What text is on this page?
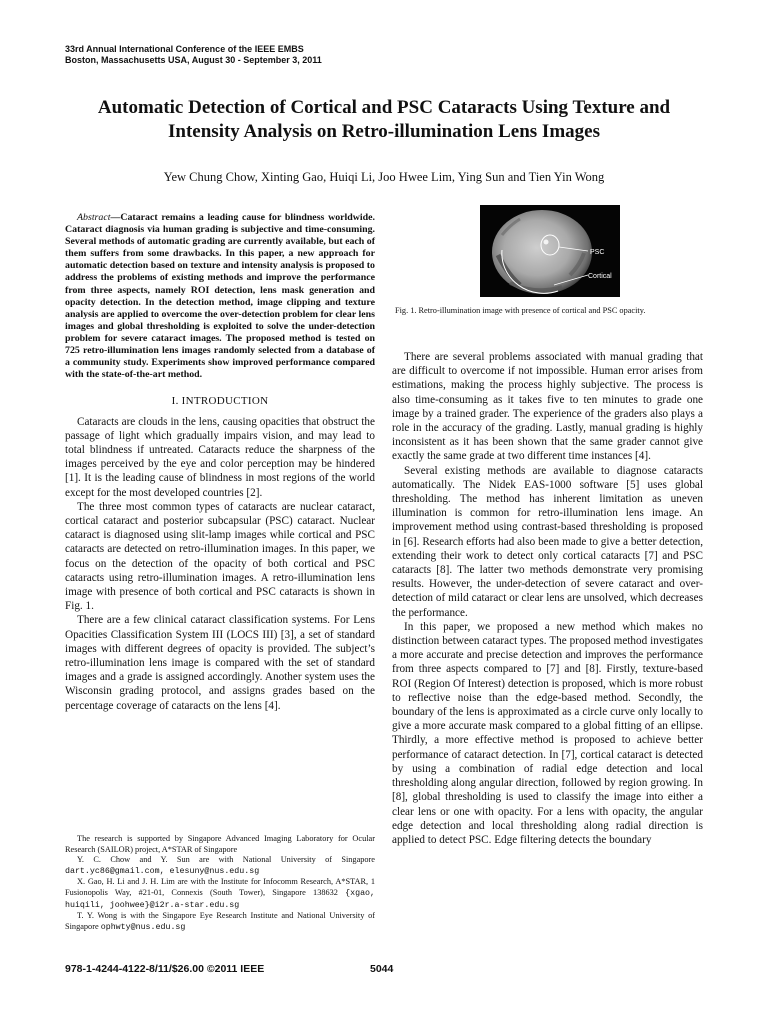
33rd Annual International Conference of the IEEE EMBS
Boston, Massachusetts USA, August 30 - September 3, 2011
Automatic Detection of Cortical and PSC Cataracts Using Texture and
Intensity Analysis on Retro-illumination Lens Images
Yew Chung Chow, Xinting Gao, Huiqi Li, Joo Hwee Lim, Ying Sun and Tien Yin Wong

Abstract—Cataract remains a leading cause for blindness worldwide. Cataract diagnosis via human grading is subjective and time-consuming. Several methods of automatic grading are currently available, but each of them suffers from some drawbacks. In this paper, a new approach for automatic detection based on texture and intensity analysis is proposed to address the problems of existing methods and improve the performance from three aspects, namely ROI detection, lens mask generation and opacity detection. In the detection method, image clipping and texture analysis are applied to overcome the over-detection problem for clear lens images and global thresholding is exploited to solve the under-detection problem for severe cataract images. The proposed method is tested on 725 retro-illumination lens images randomly selected from a database of a community study. Experiments show improved performance compared with the state-of-the-art method.

I. INTRODUCTION

Cataracts are clouds in the lens, causing opacities that obstruct the passage of light which gradually impairs vision, and may lead to total blindness if untreated. Cataracts reduce the sharpness of the images perceived by the eye and color perception may be hindered [1]. It is the leading cause of blindness in most regions of the world except for the most developed countries [2].

The three most common types of cataracts are nuclear cataract, cortical cataract and posterior subcapsular (PSC) cataract. Nuclear cataract is diagnosed using slit-lamp images while cortical and PSC cataracts are detected on retro-illumination images. In this paper, we focus on the detection of the opacity of both cortical and PSC cataracts using retro-illumination images. A retro-illumination lens image with presence of both cortical and PSC cataracts is shown in Fig. 1.

There are a few clinical cataract classification systems. For Lens Opacities Classification System III (LOCS III) [3], a set of standard images with different degrees of opacity is provided. The subject’s retro-illumination lens image is compared with the set of standard images and a grade is assigned accordingly. Another system uses the Wisconsin grading protocol, and assigns grades based on the percentage coverage of cataracts on the lens [4].

The research is supported by Singapore Advanced Imaging Laboratory for Ocular Research (SAILOR) project, A*STAR of Singapore

Y. C. Chow and Y. Sun are with National University of Singapore dart.yc86@gmail.com, elesuny@nus.edu.sg

X. Gao, H. Li and J. H. Lim are with the Institute for Infocomm Research, A*STAR, 1 Fusionopolis Way, #21-01, Connexis (South Tower), Singapore 138632 {xgao, huiqili, joohwee}@i2r.a-star.edu.sg

T. Y. Wong is with the Singapore Eye Research Institute and National University of Singapore ophwty@nus.edu.sg

PSC
Cortical
Fig. 1. Retro-illumination image with presence of cortical and PSC opacity.

There are several problems associated with manual grading that are difficult to overcome if not impossible. Human error arises from estimations, making the process highly subjective. The process is also time-consuming as it takes five to ten minutes to grade one image by a trained grader. The experience of the graders also plays a role in the accuracy of the grading. Lastly, manual grading is highly inconsistent as it has been shown that the same grader cannot give exactly the same grade at two different time instances [4].

Several existing methods are available to diagnose cataracts automatically. The Nidek EAS-1000 software [5] uses global thresholding. The method has inherent limitation as uneven illumination is common for retro-illumination lens image. An improvement method using contrast-based thresholding is proposed in [6]. Research efforts had also been made to give a better detection, extending their work to detect only cortical cataracts [7] and PSC cataracts [8]. The latter two methods demonstrate very promising results. However, the under-detection of severe cataract and over-detection of mild cataract or clear lens are unsolved, which decreases the performance.

In this paper, we proposed a new method which makes no distinction between cataract types. The proposed method investigates a more accurate and precise detection and improves the performance from three aspects compared to [7] and [8]. Firstly, texture-based ROI (Region Of Interest) detection is proposed, which is more robust to reflective noise than the edge-based method. Secondly, the boundary of the lens is approximated as a circle curve only locally to give a more accurate mask compared to a global fitting of an ellipse. Thirdly, a more effective method is proposed to achieve better performance of cataract detection. In [7], cortical cataract is detected by using a combination of radial edge detection and local thresholding along angular direction, followed by region growing. In [8], global thresholding is used to classify the image into either a clear lens or one with opacity. For a lens with opacity, the angular edge detection and local thresholding along radial direction is applied to detect PSC. Edge filtering detects the boundary

978-1-4244-4122-8/11/$26.00 ©2011 IEEE	5044
